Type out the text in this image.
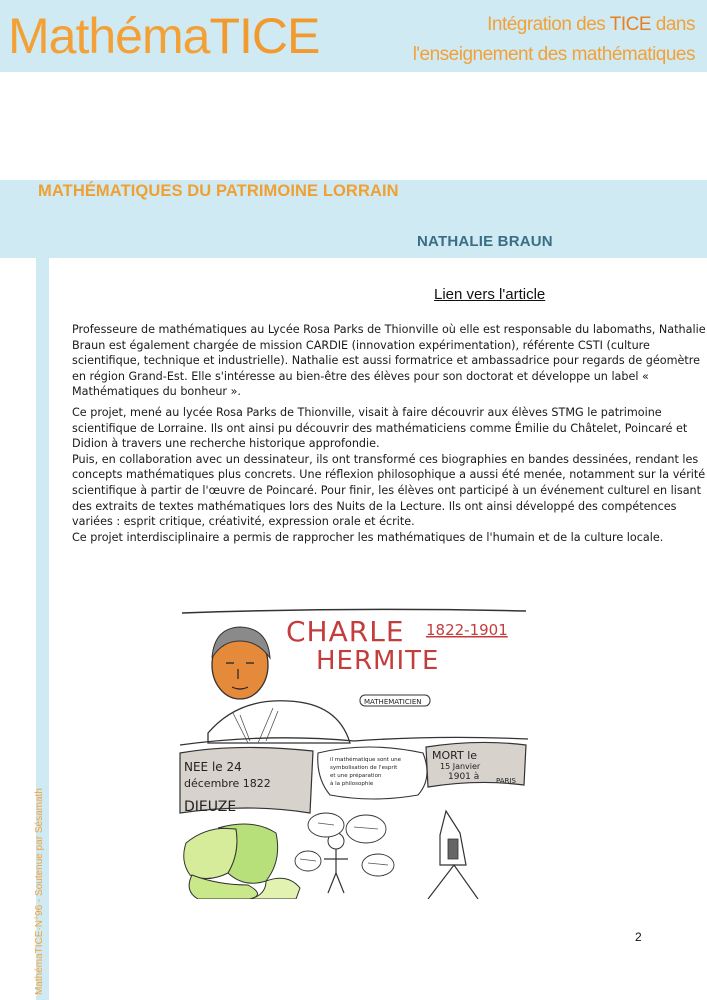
MathémaTICE	Intégration des TICE dans
l'enseignement des mathématiques
MATHÉMATIQUES DU PATRIMOINE LORRAIN
NATHALIE BRAUN
MathémaTICE·N°96 - Soutenue par Sésamath
Lien vers l'article

Professeure de mathématiques au Lycée Rosa Parks de Thionville où elle est responsable du labomaths, Nathalie Braun est également chargée de mission CARDIE (innovation expérimentation), référente CSTI (culture scientifique, technique et industrielle). Nathalie est aussi formatrice et ambassadrice pour regards de géomètre en région Grand-Est. Elle s'intéresse au bien-être des élèves pour son doctorat et développe un label « Mathématiques du bonheur ».

Ce projet, mené au lycée Rosa Parks de Thionville, visait à faire découvrir aux élèves STMG le patrimoine scientifique de Lorraine. Ils ont ainsi pu découvrir des mathématiciens comme Émilie du Châtelet, Poincaré et Didion à travers une recherche historique approfondie.

Puis, en collaboration avec un dessinateur, ils ont transformé ces biographies en bandes dessinées, rendant les concepts mathématiques plus concrets. Une réflexion philosophique a aussi été menée, notamment sur la vérité scientifique à partir de l'œuvre de Poincaré. Pour finir, les élèves ont participé à un événement culturel en lisant des extraits de textes mathématiques lors des Nuits de la Lecture. Ils ont ainsi développé des compétences variées : esprit critique, créativité, expression orale et écrite.

Ce projet interdisciplinaire a permis de rapprocher les mathématiques de l'humain et de la culture locale.

CHARLE
HERMITE
1822-1901
MATHEMATICIEN
NEE le 24
décembre 1822
DIEUZE
il mathématique sont une
symbolisation de l'esprit
et une préparation
à la philosophie
MORT le
15 Janvier
1901 à PARIS
2
